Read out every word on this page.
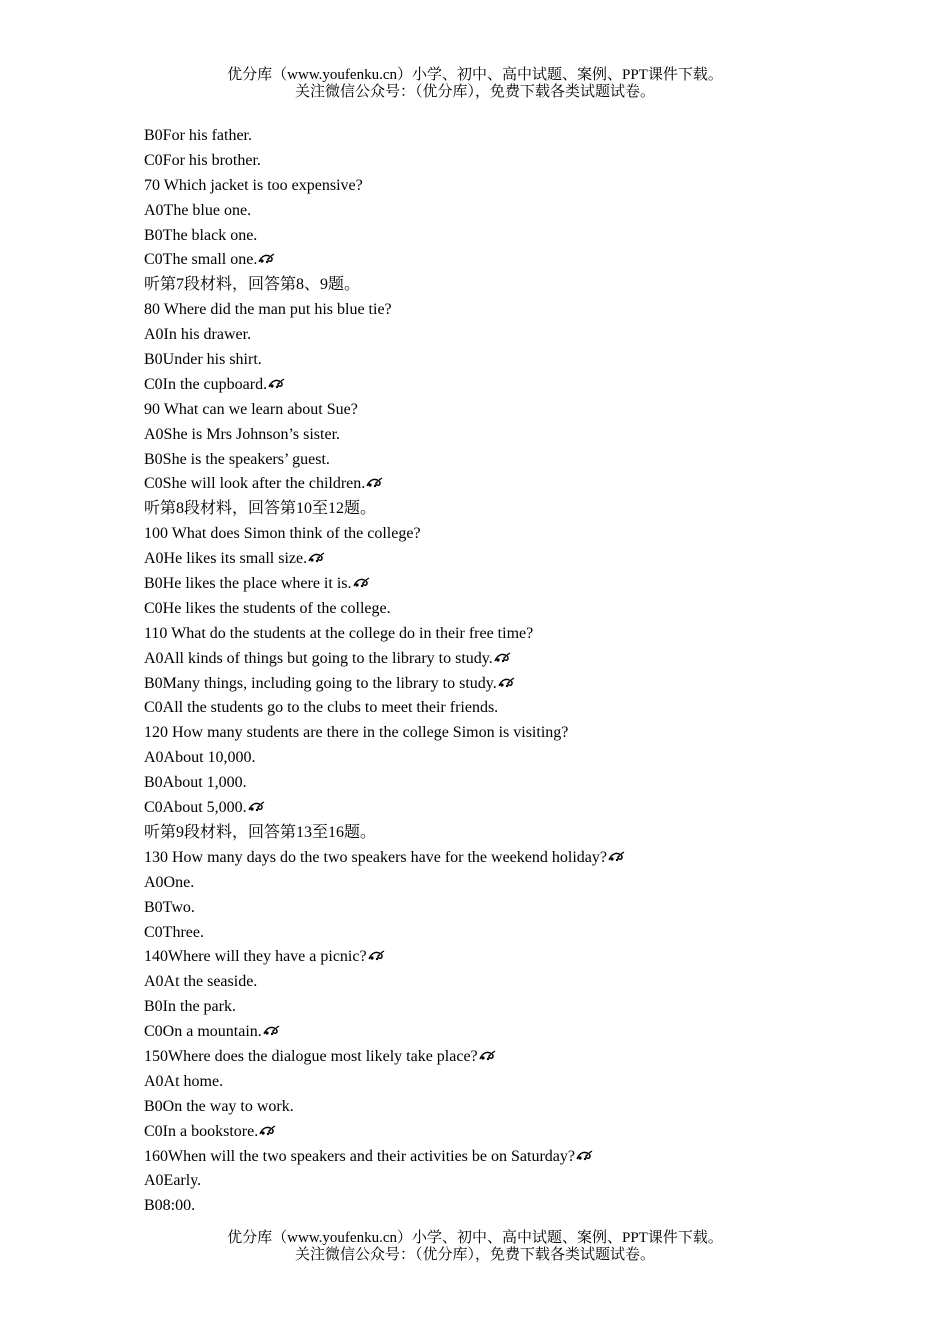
优分库（www.youfenku.cn）小学、初中、高中试题、案例、PPT课件下载。
关注微信公众号：（优分库），免费下载各类试题试卷。
B0For his father.
C0For his brother.
70 Which jacket is too expensive?
A0The blue one.
B0The black one.
C0The small one.
听第7段材料，回答第8、9题。
80 Where did the man put his blue tie?
A0In his drawer.
B0Under his shirt.
C0In the cupboard.
90 What can we learn about Sue?
A0She is Mrs Johnson’s sister.
B0She is the speakers’ guest.
C0She will look after the children.
听第8段材料，回答第10至12题。
100 What does Simon think of the college?
A0He likes its small size.
B0He likes the place where it is.
C0He likes the students of the college.
110 What do the students at the college do in their free time?
A0All kinds of things but going to the library to study.
B0Many things, including going to the library to study.
C0All the students go to the clubs to meet their friends.
120 How many students are there in the college Simon is visiting?
A0About 10,000.
B0About 1,000.
C0About 5,000.
听第9段材料，回答第13至16题。
130 How many days do the two speakers have for the weekend holiday?
A0One.
B0Two.
C0Three.
140Where will they have a picnic?
A0At the seaside.
B0In the park.
C0On a mountain.
150Where does the dialogue most likely take place?
A0At home.
B0On the way to work.
C0In a bookstore.
160When will the two speakers and their activities be on Saturday?
A0Early.
B08:00.
优分库（www.youfenku.cn）小学、初中、高中试题、案例、PPT课件下载。
关注微信公众号：（优分库），免费下载各类试题试卷。
